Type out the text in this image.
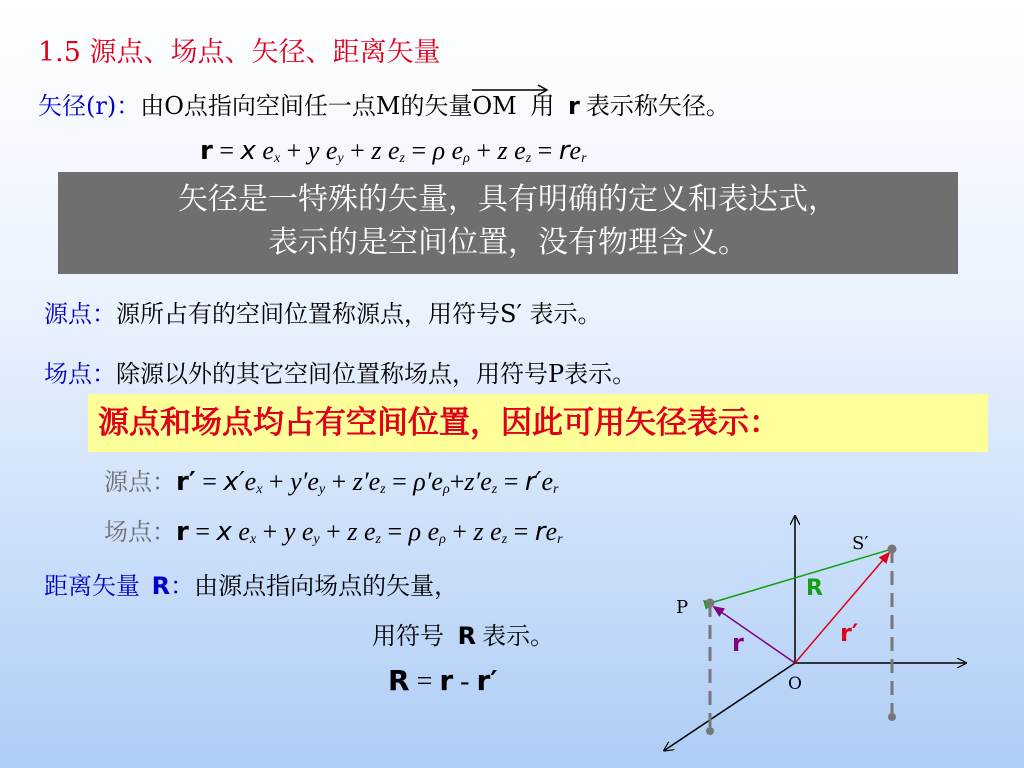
1.5 源点、场点、矢径、距离矢量
矢径(r)：由O点指向空间任一点M的矢量OM 用 r 表示称矢径。
r = x $e_x + y$ $e_y + z$ $e_z = \rho$ $e_\rho + z$ $e_z = re_r$
矢径是一特殊的矢量，具有明确的定义和表达式，
表示的是空间位置，没有物理含义。
源点：源所占有的空间位置称源点，用符号S′ 表示。
场点：除源以外的其它空间位置称场点，用符号P表示。
源点和场点均占有空间位置，因此可用矢径表示：
源点：$r' = x'e_x + y'e_y + z'e_z = \rho'e_\rho+z'e_z = r'e_r$
场点：r = x $e_x + y$ $e_y + z$ $e_z = \rho$ $e_\rho + z$ $e_z = re_r$
距离矢量 R：由源点指向场点的矢量，
用符号 R 表示。
R = r - r′
S′
P
O
R
r′
r
